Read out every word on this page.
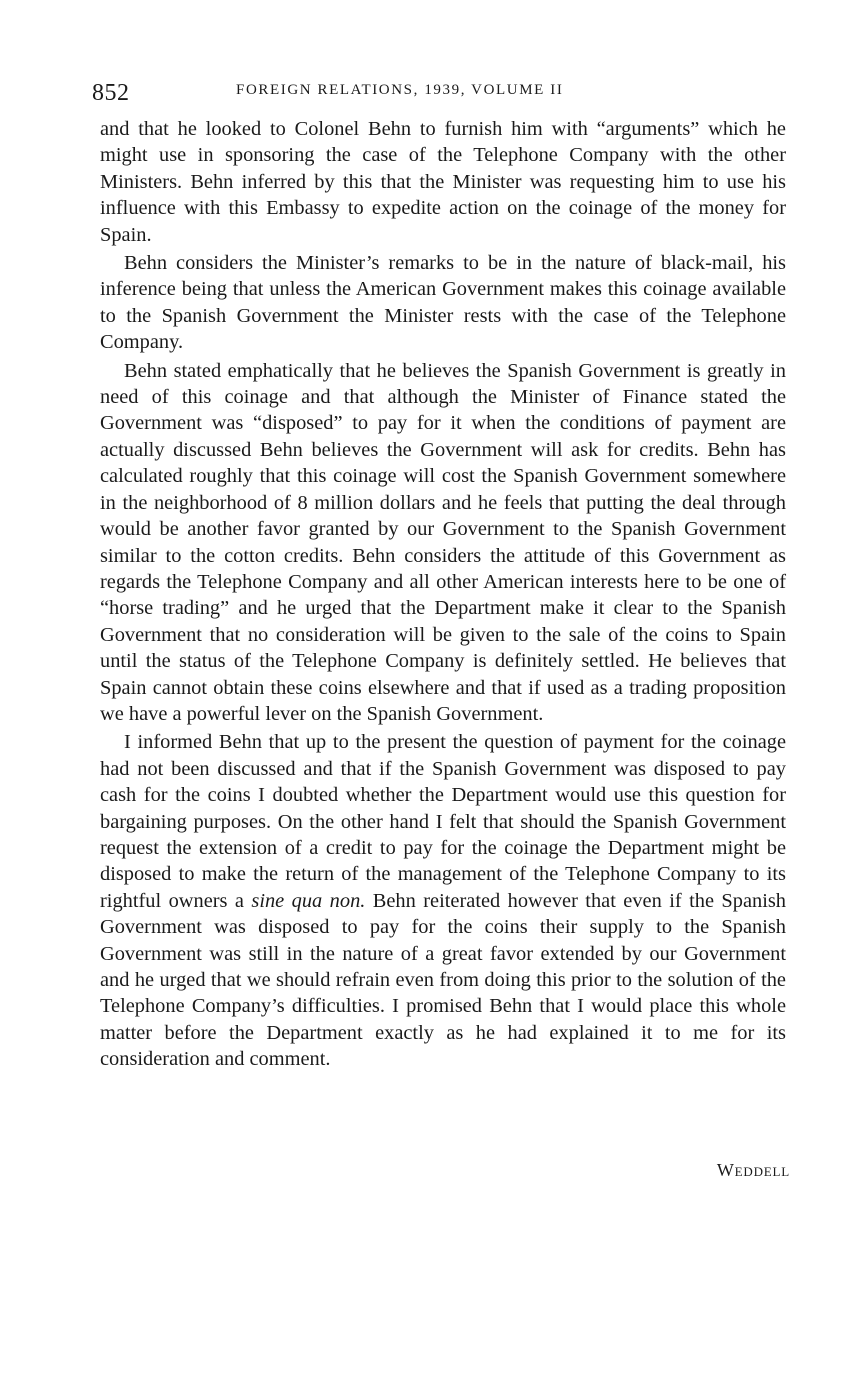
852	FOREIGN RELATIONS, 1939, VOLUME II

and that he looked to Colonel Behn to furnish him with “arguments” which he might use in sponsoring the case of the Telephone Company with the other Ministers. Behn inferred by this that the Minister was requesting him to use his influence with this Embassy to expedite action on the coinage of the money for Spain.

Behn considers the Minister’s remarks to be in the nature of black-mail, his inference being that unless the American Government makes this coinage available to the Spanish Government the Minister rests with the case of the Telephone Company.

Behn stated emphatically that he believes the Spanish Government is greatly in need of this coinage and that although the Minister of Finance stated the Government was “disposed” to pay for it when the conditions of payment are actually discussed Behn believes the Government will ask for credits. Behn has calculated roughly that this coinage will cost the Spanish Government somewhere in the neighborhood of 8 million dollars and he feels that putting the deal through would be another favor granted by our Government to the Spanish Government similar to the cotton credits. Behn considers the attitude of this Government as regards the Telephone Company and all other American interests here to be one of “horse trading” and he urged that the Department make it clear to the Spanish Government that no consideration will be given to the sale of the coins to Spain until the status of the Telephone Company is definitely settled. He believes that Spain cannot obtain these coins elsewhere and that if used as a trading proposition we have a powerful lever on the Spanish Government.

I informed Behn that up to the present the question of payment for the coinage had not been discussed and that if the Spanish Government was disposed to pay cash for the coins I doubted whether the Department would use this question for bargaining purposes. On the other hand I felt that should the Spanish Government request the extension of a credit to pay for the coinage the Department might be disposed to make the return of the management of the Telephone Company to its rightful owners a sine qua non. Behn reiterated however that even if the Spanish Government was disposed to pay for the coins their supply to the Spanish Government was still in the nature of a great favor extended by our Government and he urged that we should refrain even from doing this prior to the solution of the Telephone Company’s difficulties. I promised Behn that I would place this whole matter before the Department exactly as he had explained it to me for its consideration and comment.

Weddell
